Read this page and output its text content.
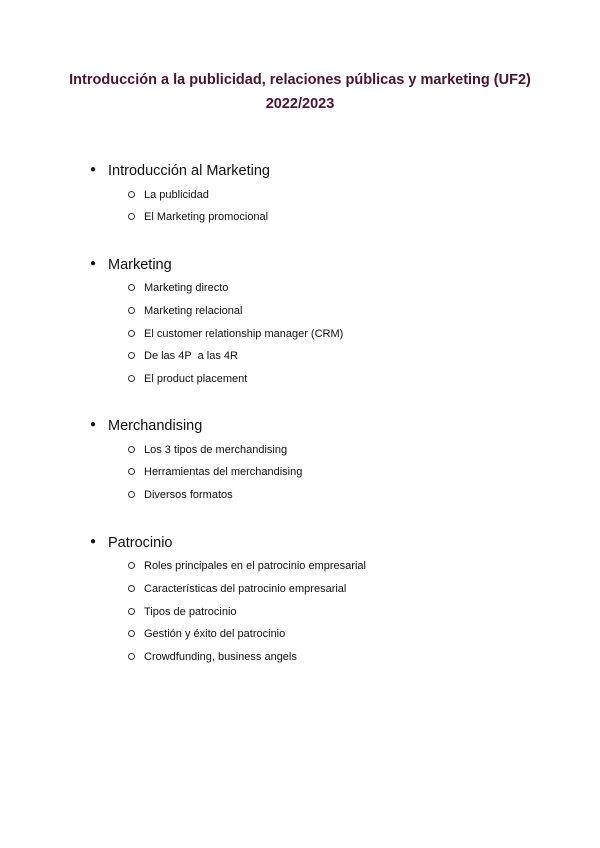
Introducción a la publicidad, relaciones públicas y marketing (UF2)
2022/2023
● Introducción al Marketing
La publicidad
El Marketing promocional
● Marketing
Marketing directo
Marketing relacional
El customer relationship manager (CRM)
De las 4P  a las 4R
El product placement
● Merchandising
Los 3 tipos de merchandising
Herramientas del merchandising
Diversos formatos
● Patrocinio
Roles principales en el patrocinio empresarial
Características del patrocinio empresarial
Tipos de patrocinio
Gestión y éxito del patrocinio
Crowdfunding, business angels
